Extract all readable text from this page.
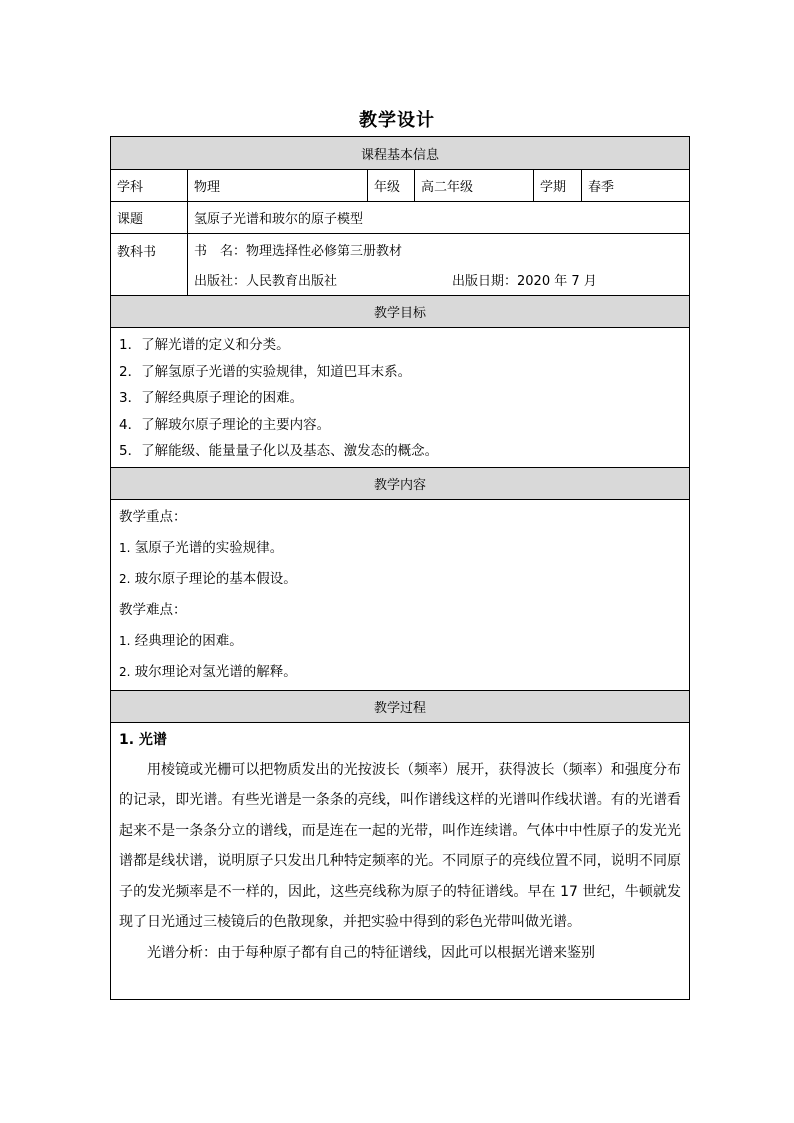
教学设计
课程基本信息
学科	物理	年级	高二年级	学期	春季
课题	氢原子光谱和玻尔的原子模型
教科书	书　名：物理选择性必修第三册教材
出版社：人民教育出版社	出版日期：2020 年 7 月
教学目标
1．了解光谱的定义和分类。
2．了解氢原子光谱的实验规律，知道巴耳末系。
3．了解经典原子理论的困难。
4．了解玻尔原子理论的主要内容。
5．了解能级、能量量子化以及基态、激发态的概念。
教学内容
教学重点：
1. 氢原子光谱的实验规律。
2. 玻尔原子理论的基本假设。
教学难点：
1. 经典理论的困难。
2. 玻尔理论对氢光谱的解释。
教学过程
1. 光谱

用棱镜或光栅可以把物质发出的光按波长（频率）展开，获得波长（频率）和强度分布的记录，即光谱。有些光谱是一条条的亮线，叫作谱线这样的光谱叫作线状谱。有的光谱看起来不是一条条分立的谱线，而是连在一起的光带，叫作连续谱。气体中中性原子的发光光谱都是线状谱，说明原子只发出几种特定频率的光。不同原子的亮线位置不同，说明不同原子的发光频率是不一样的，因此，这些亮线称为原子的特征谱线。早在 17 世纪，牛顿就发现了日光通过三棱镜后的色散现象，并把实验中得到的彩色光带叫做光谱。

光谱分析：由于每种原子都有自己的特征谱线，因此可以根据光谱来鉴别
